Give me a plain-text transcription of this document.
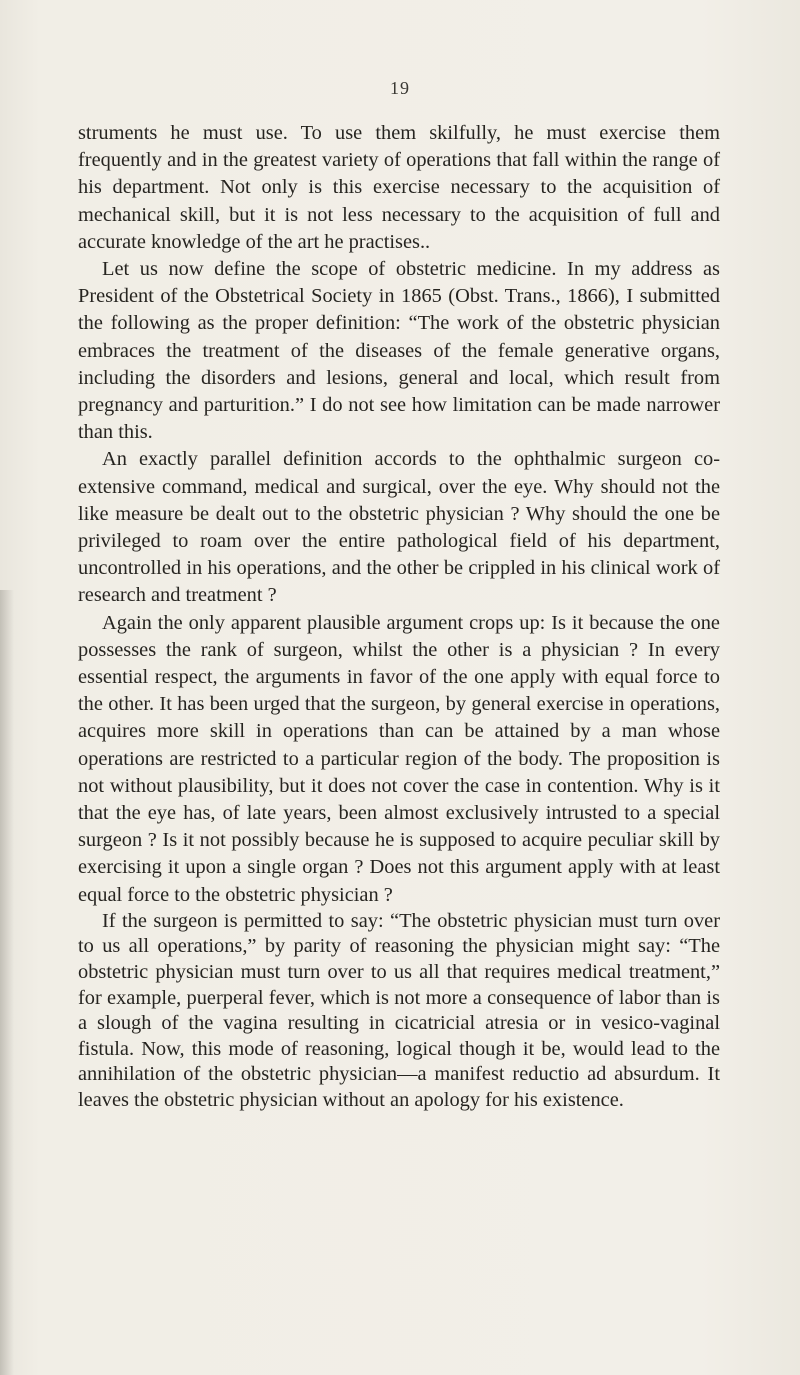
19

struments he must use. To use them skilfully, he must exercise them frequently and in the greatest variety of operations that fall within the range of his department. Not only is this exercise necessary to the acquisition of mechanical skill, but it is not less necessary to the acquisition of full and accurate knowledge of the art he practises..

Let us now define the scope of obstetric medicine. In my address as President of the Obstetrical Society in 1865 (Obst. Trans., 1866), I submitted the following as the proper definition: “The work of the obstetric physician embraces the treatment of the diseases of the female generative organs, including the disorders and lesions, general and local, which result from pregnancy and parturition.” I do not see how limitation can be made narrower than this.

An exactly parallel definition accords to the ophthalmic surgeon co-extensive command, medical and surgical, over the eye. Why should not the like measure be dealt out to the obstetric physician ? Why should the one be privileged to roam over the entire pathological field of his department, uncontrolled in his operations, and the other be crippled in his clinical work of research and treatment ?

Again the only apparent plausible argument crops up: Is it because the one possesses the rank of surgeon, whilst the other is a physician ? In every essential respect, the arguments in favor of the one apply with equal force to the other. It has been urged that the surgeon, by general exercise in operations, acquires more skill in operations than can be attained by a man whose operations are restricted to a particular region of the body. The proposition is not without plausibility, but it does not cover the case in contention. Why is it that the eye has, of late years, been almost exclusively intrusted to a special surgeon ? Is it not possibly because he is supposed to acquire peculiar skill by exercising it upon a single organ ? Does not this argument apply with at least equal force to the obstetric physician ?

If the surgeon is permitted to say: “The obstetric physician must turn over to us all operations,” by parity of reasoning the physician might say: “The obstetric physician must turn over to us all that requires medical treatment,” for example, puerperal fever, which is not more a consequence of labor than is a slough of the vagina resulting in cicatricial atresia or in vesico-vaginal fistula. Now, this mode of reasoning, logical though it be, would lead to the annihilation of the obstetric physician—a manifest reductio ad absurdum. It leaves the obstetric physician without an apology for his existence.
